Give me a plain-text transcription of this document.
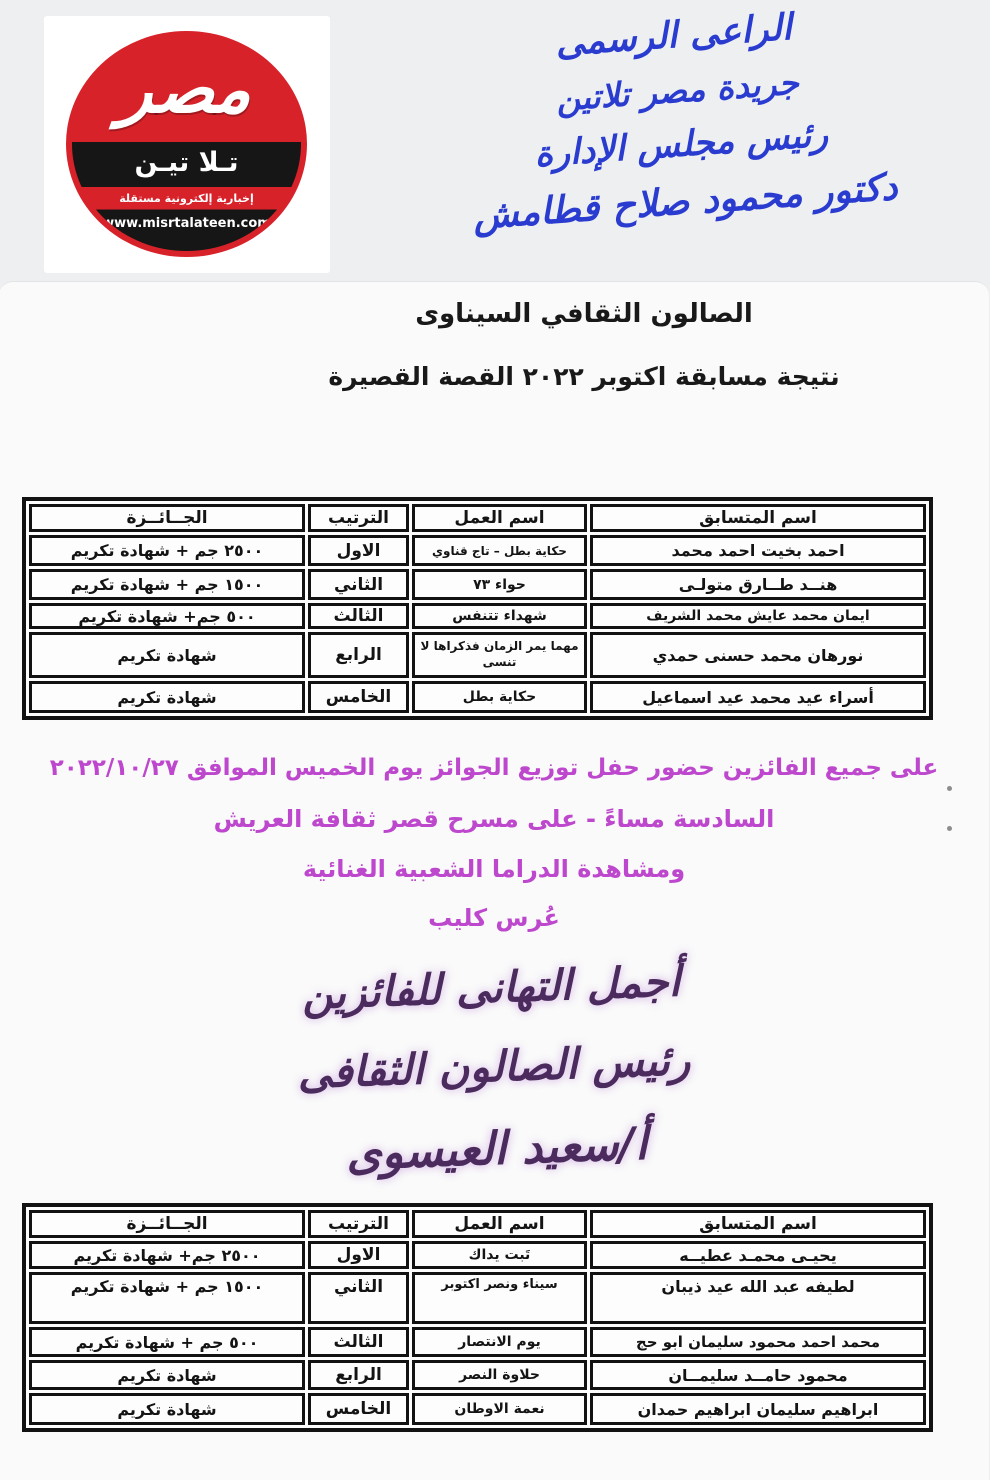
مصر
تـلا تيـن
إخبارية إلكترونية مستقلة
www.misrtalateen.com
الراعى الرسمى
جريدة مصر تلاتين
رئيس مجلس الإدارة
دكتور محمود صلاح قطامش
الصالون الثقافي السيناوى
نتيجة مسابقة اكتوبر ٢٠٢٢ القصة القصيرة
اسم المتسابق	اسم العمل	الترتيب	الجــائــزة
احمد بخيت احمد محمد	حكاية بطل – تاج قناوي	الاول	٢٥٠٠ جم + شهادة تكريم
هنــد طــارق متولـى	حواء ٧٣	الثاني	١٥٠٠ جم + شهادة تكريم
ايمان محمد عايش محمد الشريف	شهداء تتنفس	الثالث	٥٠٠ جم+ شهادة تكريم
نورهان محمد حسنى حمدي	مهما يمر الزمان فذكراها لا تنسى	الرابع	شهادة تكريم
أسراء عيد محمد عيد اسماعيل	حكاية بطل	الخامس	شهادة تكريم
على جميع الفائزين حضور حفل توزيع الجوائز يوم الخميس الموافق ٢٠٢٢/١٠/٢٧
السادسة مساءً - على مسرح قصر ثقافة العريش
ومشاهدة الدراما الشعبية الغنائية
عُرس كليب
أجمل التهانى للفائزين
رئيس الصالون الثقافى
أ/سعيد العيسوى
اسم المتسابق	اسم العمل	الترتيب	الجــائــزة
يحيـى محمـد عطيــه	تَبت يداك	الاول	٢٥٠٠ جم+ شهادة تكريم
لطيفه عبد الله عيد ذيبان	سيناء ونصر اكتوبر	الثاني	١٥٠٠ جم + شهادة تكريم
محمد احمد محمود سليمان ابو حج	يوم الانتصار	الثالث	٥٠٠ جم + شهادة تكريم
محمود حامــد سليمــان	حلاوة النصر	الرابع	شهادة تكريم
ابراهيم سليمان ابراهيم حمدان	نعمة الاوطان	الخامس	شهادة تكريم
